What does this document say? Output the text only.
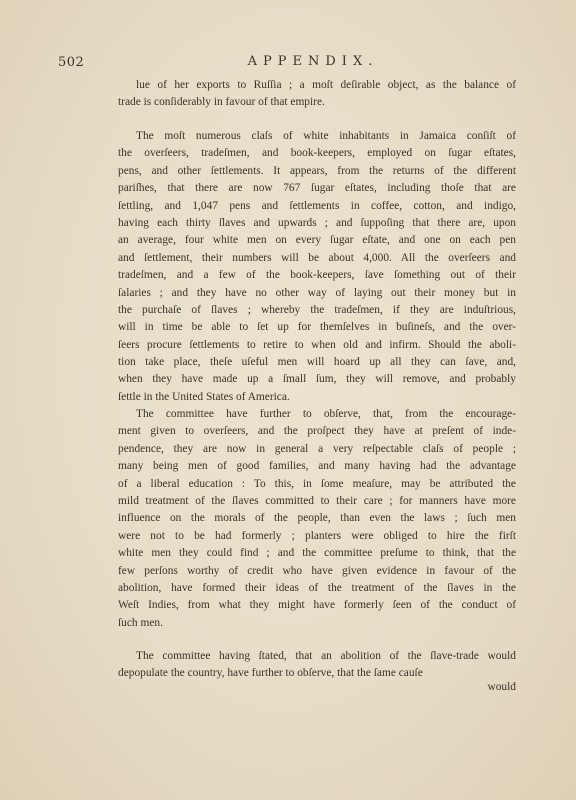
502	APPENDIX.
lue of her exports to Ruſſia ; a moſt deſirable object, as the balance of
trade is conſiderably in favour of that empire.
The moſt numerous claſs of white inhabitants in Jamaica conſiſt of
the overſeers, tradeſmen, and book-keepers, employed on ſugar eſtates,
pens, and other ſettlements. It appears, from the returns of the different
pariſhes, that there are now 767 ſugar eſtates, including thoſe that are
ſettling, and 1,047 pens and ſettlements in coffee, cotton, and indigo,
having each thirty ſlaves and upwards ; and ſuppoſing that there are, upon
an average, four white men on every ſugar eſtate, and one on each pen
and ſettlement, their numbers will be about 4,000. All the overſeers and
tradeſmen, and a few of the book-keepers, ſave ſomething out of their
ſalaries ; and they have no other way of laying out their money but in
the purchaſe of ſlaves ; whereby the tradeſmen, if they are induſtrious,
will in time be able to ſet up for themſelves in buſineſs, and the over-
ſeers procure ſettlements to retire to when old and infirm. Should the aboli-
tion take place, theſe uſeful men will hoard up all they can ſave, and,
when they have made up a ſmall ſum, they will remove, and probably
ſettle in the United States of America.
The committee have further to obſerve, that, from the encourage-
ment given to overſeers, and the proſpect they have at preſent of inde-
pendence, they are now in general a very reſpectable claſs of people ;
many being men of good families, and many having had the advantage
of a liberal education : To this, in ſome meaſure, may be attributed the
mild treatment of the ſlaves committed to their care ; for manners have more
influence on the morals of the people, than even the laws ; ſuch men
were not to be had formerly ; planters were obliged to hire the firſt
white men they could find ; and the committee preſume to think, that the
few perſons worthy of credit who have given evidence in favour of the
abolition, have formed their ideas of the treatment of the ſlaves in the
Weſt Indies, from what they might have formerly ſeen of the conduct of
ſuch men.
The committee having ſtated, that an abolition of the ſlave-trade would
depopulate the country, have further to obſerve, that the ſame cauſe
would
